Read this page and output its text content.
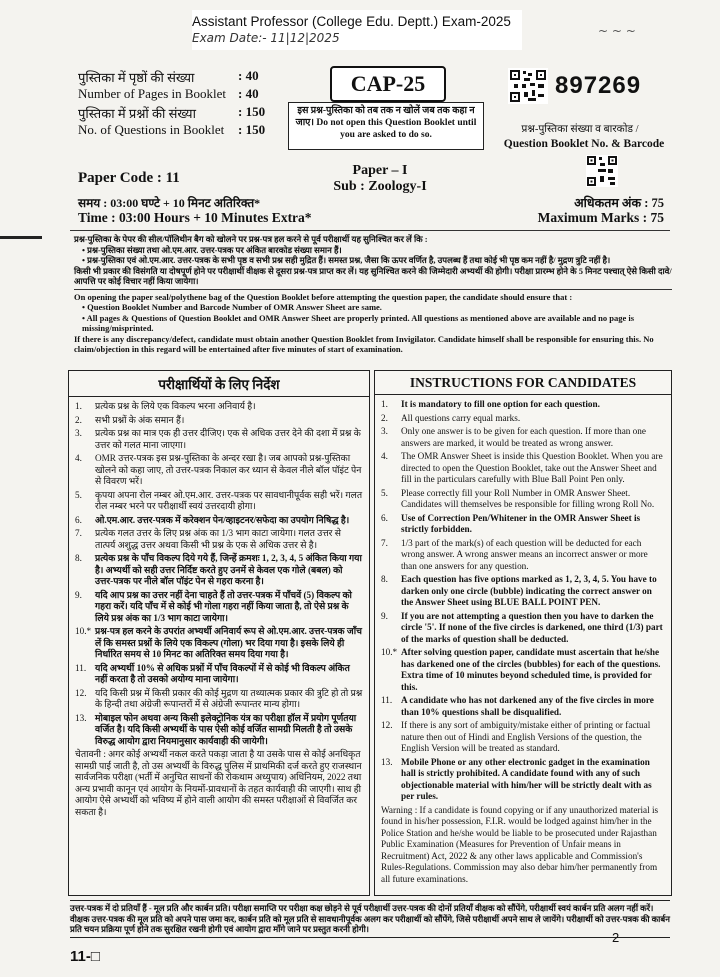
Assistant Professor (College Edu. Deptt.) Exam-2025
Exam Date:- 11|12|2025	~ ~ ~
पुस्तिका में पृष्ठों की संख्या	: 40
Number of Pages in Booklet : 40
पुस्तिका में प्रश्नों की संख्या	: 150
No. of Questions in Booklet	: 150
CAP-25
इस प्रश्न-पुस्तिका को तब तक न खोलें जब तक कहा न जाए। Do not open this Question Booklet until you are asked to do so.
897269
प्रश्न-पुस्तिका संख्या व बारकोड /
Question Booklet No. & Barcode
Paper Code : 11	Paper – I
Sub : Zoology-I
समय : 03:00 घण्टे + 10 मिनट अतिरिक्त*
Time : 03:00 Hours + 10 Minutes Extra*
अधिकतम अंक : 75
Maximum Marks : 75
प्रश्न-पुस्तिका के पेपर की सील/पॉलिथीन बैग को खोलने पर प्रश्न-पत्र हल करने से पूर्व परीक्षार्थी यह सुनिश्चित कर लें कि :
• प्रश्न-पुस्तिका संख्या तथा ओ.एम.आर. उत्तर-पत्रक पर अंकित बारकोड संख्या समान हैं।
• प्रश्न-पुस्तिका एवं ओ.एम.आर. उत्तर-पत्रक के सभी पृष्ठ व सभी प्रश्न सही मुद्रित हैं। समस्त प्रश्न, जैसा कि ऊपर वर्णित है, उपलब्ध हैं तथा कोई भी पृष्ठ कम नहीं है/ मुद्रण त्रुटि नहीं है।
किसी भी प्रकार की विसंगति या दोषपूर्ण होने पर परीक्षार्थी वीक्षक से दूसरा प्रश्न-पत्र प्राप्त कर लें। यह सुनिश्चित करने की जिम्मेदारी अभ्यर्थी की होगी। परीक्षा प्रारम्भ होने के 5 मिनट पश्चात् ऐसे किसी दावे/आपत्ति पर कोई विचार नहीं किया जायेगा।
On opening the paper seal/polythene bag of the Question Booklet before attempting the question paper, the candidate should ensure that :
• Question Booklet Number and Barcode Number of OMR Answer Sheet are same.
• All pages & Questions of Question Booklet and OMR Answer Sheet are properly printed. All questions as mentioned above are available and no page is missing/misprinted.
If there is any discrepancy/defect, candidate must obtain another Question Booklet from Invigilator. Candidate himself shall be responsible for ensuring this. No claim/objection in this regard will be entertained after five minutes of start of examination.
परीक्षार्थियों के लिए निर्देश
1.	प्रत्येक प्रश्न के लिये एक विकल्प भरना अनिवार्य है।
2.	सभी प्रश्नों के अंक समान हैं।
3.	प्रत्येक प्रश्न का मात्र एक ही उत्तर दीजिए। एक से अधिक उत्तर देने की दशा में प्रश्न के उत्तर को गलत माना जाएगा।
4.	OMR उत्तर-पत्रक इस प्रश्न-पुस्तिका के अन्दर रखा है। जब आपको प्रश्न-पुस्तिका खोलने को कहा जाए, तो उत्तर-पत्रक निकाल कर ध्यान से केवल नीले बॉल पॉइंट पेन से विवरण भरें।
5.	कृपया अपना रोल नम्बर ओ.एम.आर. उत्तर-पत्रक पर सावधानीपूर्वक सही भरें। गलत रोल नम्बर भरने पर परीक्षार्थी स्वयं उत्तरदायी होगा।
6.	ओ.एम.आर. उत्तर-पत्रक में करेक्शन पेन/व्हाइटनर/सफेदा का उपयोग निषिद्ध है।
7.	प्रत्येक गलत उत्तर के लिए प्रश्न अंक का 1/3 भाग काटा जायेगा। गलत उत्तर से तात्पर्य अशुद्ध उत्तर अथवा किसी भी प्रश्न के एक से अधिक उत्तर से है।
8.	प्रत्येक प्रश्न के पाँच विकल्प दिये गये हैं, जिन्हें क्रमशः 1, 2, 3, 4, 5 अंकित किया गया है। अभ्यर्थी को सही उत्तर निर्दिष्ट करते हुए उनमें से केवल एक गोले (बबल) को उत्तर-पत्रक पर नीले बॉल पॉइंट पेन से गहरा करना है।
9.	यदि आप प्रश्न का उत्तर नहीं देना चाहते हैं तो उत्तर-पत्रक में पाँचवें (5) विकल्प को गहरा करें। यदि पाँच में से कोई भी गोला गहरा नहीं किया जाता है, तो ऐसे प्रश्न के लिये प्रश्न अंक का 1/3 भाग काटा जायेगा।
10.* प्रश्न-पत्र हल करने के उपरांत अभ्यर्थी अनिवार्य रूप से ओ.एम.आर. उत्तर-पत्रक जाँच लें कि समस्त प्रश्नों के लिये एक विकल्प (गोला) भर दिया गया है। इसके लिये ही निर्धारित समय से 10 मिनट का अतिरिक्त समय दिया गया है।
11. यदि अभ्यर्थी 10% से अधिक प्रश्नों में पाँच विकल्पों में से कोई भी विकल्प अंकित नहीं करता है तो उसको अयोग्य माना जायेगा।
12. यदि किसी प्रश्न में किसी प्रकार की कोई मुद्रण या तथ्यात्मक प्रकार की त्रुटि हो तो प्रश्न के हिन्दी तथा अंग्रेजी रूपान्तरों में से अंग्रेजी रूपान्तर मान्य होगा।
13. मोबाइल फोन अथवा अन्य किसी इलेक्ट्रोनिक यंत्र का परीक्षा हॉल में प्रयोग पूर्णतया वर्जित है। यदि किसी अभ्यर्थी के पास ऐसी कोई वर्जित सामग्री मिलती है तो उसके विरुद्ध आयोग द्वारा नियमानुसार कार्यवाही की जायेगी।
चेतावनी : अगर कोई अभ्यर्थी नकल करते पकड़ा जाता है या उसके पास से कोई अनधिकृत सामग्री पाई जाती है, तो उस अभ्यर्थी के विरुद्ध पुलिस में प्राथमिकी दर्ज करते हुए राजस्थान सार्वजनिक परीक्षा (भर्ती में अनुचित साधनों की रोकथाम अध्युपाय) अधिनियम, 2022 तथा अन्य प्रभावी कानून एवं आयोग के नियमों-प्रावधानों के तहत कार्यवाही की जाएगी। साथ ही आयोग ऐसे अभ्यर्थी को भविष्य में होने वाली आयोग की समस्त परीक्षाओं से विवर्जित कर सकता है।
INSTRUCTIONS FOR CANDIDATES
1.	It is mandatory to fill one option for each question.
2.	All questions carry equal marks.
3.	Only one answer is to be given for each question. If more than one answers are marked, it would be treated as wrong answer.
4.	The OMR Answer Sheet is inside this Question Booklet. When you are directed to open the Question Booklet, take out the Answer Sheet and fill in the particulars carefully with Blue Ball Point Pen only.
5.	Please correctly fill your Roll Number in OMR Answer Sheet. Candidates will themselves be responsible for filling wrong Roll No.
6.	Use of Correction Pen/Whitener in the OMR Answer Sheet is strictly forbidden.
7.	1/3 part of the mark(s) of each question will be deducted for each wrong answer. A wrong answer means an incorrect answer or more than one answers for any question.
8.	Each question has five options marked as 1, 2, 3, 4, 5. You have to darken only one circle (bubble) indicating the correct answer on the Answer Sheet using BLUE BALL POINT PEN.
9.	If you are not attempting a question then you have to darken the circle '5'. If none of the five circles is darkened, one third (1/3) part of the marks of question shall be deducted.
10.* After solving question paper, candidate must ascertain that he/she has darkened one of the circles (bubbles) for each of the questions. Extra time of 10 minutes beyond scheduled time, is provided for this.
11. A candidate who has not darkened any of the five circles in more than 10% questions shall be disqualified.
12. If there is any sort of ambiguity/mistake either of printing or factual nature then out of Hindi and English Versions of the question, the English Version will be treated as standard.
13. Mobile Phone or any other electronic gadget in the examination hall is strictly prohibited. A candidate found with any of such objectionable material with him/her will be strictly dealt with as per rules.
Warning : If a candidate is found copying or if any unauthorized material is found in his/her possession, F.I.R. would be lodged against him/her in the Police Station and he/she would be liable to be prosecuted under Rajasthan Public Examination (Measures for Prevention of Unfair means in Recruitment) Act, 2022 & any other laws applicable and Commission's Rules-Regulations. Commission may also debar him/her permanently from all future examinations.
उत्तर-पत्रक में दो प्रतियाँ हैं - मूल प्रति और कार्बन प्रति। परीक्षा समाप्ति पर परीक्षा कक्ष छोड़ने से पूर्व परीक्षार्थी उत्तर-पत्रक की दोनों प्रतियाँ वीक्षक को सौंपेंगे, परीक्षार्थी स्वयं कार्बन प्रति अलग नहीं करें। वीक्षक उत्तर-पत्रक की मूल प्रति को अपने पास जमा कर, कार्बन प्रति को मूल प्रति से सावधानीपूर्वक अलग कर परीक्षार्थी को सौंपेंगे, जिसे परीक्षार्थी अपने साथ ले जायेंगे। परीक्षार्थी को उत्तर-पत्रक की कार्बन प्रति चयन प्रक्रिया पूर्ण होने तक सुरक्षित रखनी होगी एवं आयोग द्वारा माँगे जाने पर प्रस्तुत करनी होगी।
11-□
2
